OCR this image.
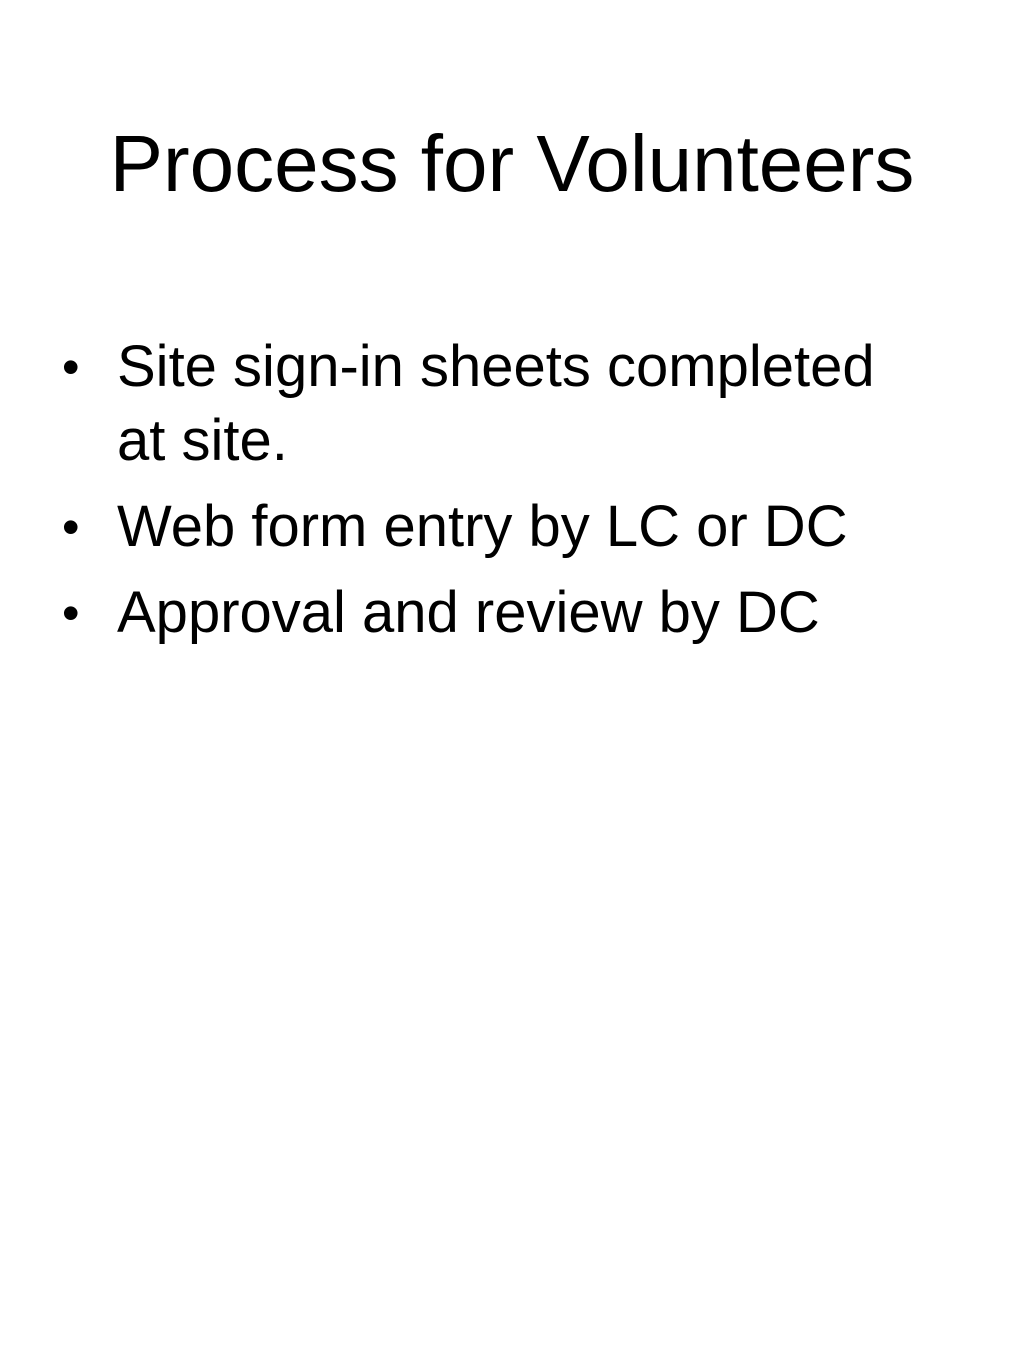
Process for Volunteers
• Site sign-in sheets completed at site.
• Web form entry by LC or DC
• Approval and review by DC
